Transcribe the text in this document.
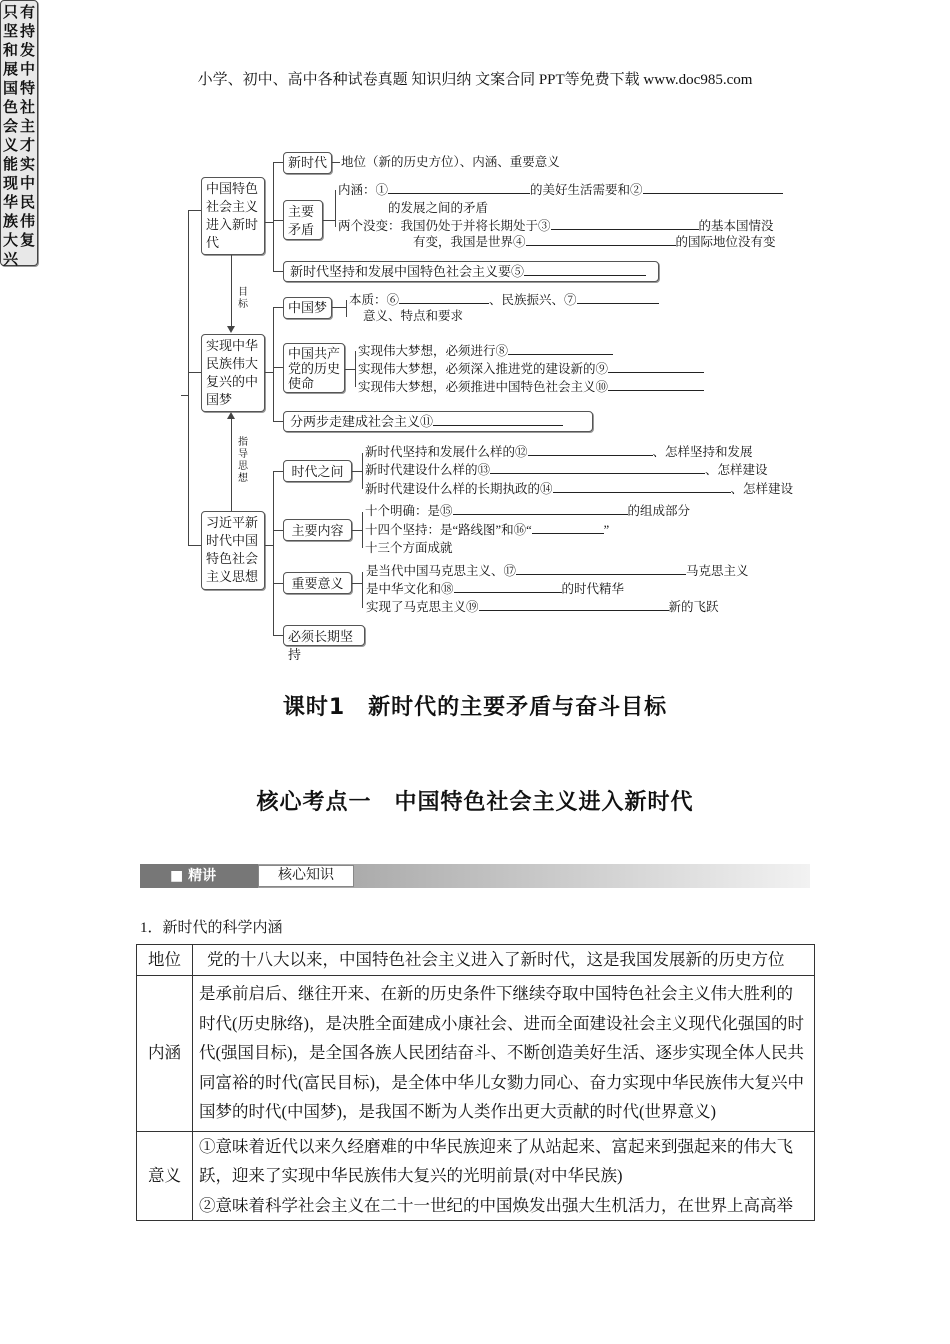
小学、初中、高中各种试卷真题 知识归纳 文案合同 PPT等免费下载 www.doc985.com
只 有
坚 持
和 发
展 中
国 特
色 社
会 主
义 才
能 实
现 中
华 民
族 伟
大 复
兴
中国特色社会主义进入新时代
实现中华民族伟大复兴的中国梦
习近平新时代中国特色社会主义思想
目标
指导思想
新时代	地位（新的历史方位）、内涵、重要意义
主要矛盾
内涵：①	的美好生活需要和②
的发展之间的矛盾
两个没变：我国仍处于并将长期处于③	的基本国情没
有变，我国是世界④	的国际地位没有变
新时代坚持和发展中国特色社会主义要⑤
中国梦	本质：⑥	、民族振兴、⑦
意义、特点和要求
中国共产党的历史使命
实现伟大梦想，必须进行⑧
实现伟大梦想，必须深入推进党的建设新的⑨
实现伟大梦想，必须推进中国特色社会主义⑩
分两步走建成社会主义⑪
时代之问
新时代坚持和发展什么样的⑫	、怎样坚持和发展
新时代建设什么样的⑬	、怎样建设
新时代建设什么样的长期执政的⑭	、怎样建设
主要内容
十个明确：是⑮	的组成部分
十四个坚持：是“路线图”和⑯“	”
十三个方面成就
重要意义
是当代中国马克思主义、⑰	马克思主义
是中华文化和⑱	的时代精华
实现了马克思主义⑲	新的飞跃
必须长期坚持
课时1　新时代的主要矛盾与奋斗目标
核心考点一　中国特色社会主义进入新时代
■ 精讲	核心知识
1．新时代的科学内涵
地位	党的十八大以来，中国特色社会主义进入了新时代，这是我国发展新的历史方位
内涵	是承前启后、继往开来、在新的历史条件下继续夺取中国特色社会主义伟大胜利的时代(历史脉络)，是决胜全面建成小康社会、进而全面建设社会主义现代化强国的时代(强国目标)，是全国各族人民团结奋斗、不断创造美好生活、逐步实现全体人民共同富裕的时代(富民目标)，是全体中华儿女勠力同心、奋力实现中华民族伟大复兴中国梦的时代(中国梦)，是我国不断为人类作出更大贡献的时代(世界意义)
意义	①意味着近代以来久经磨难的中华民族迎来了从站起来、富起来到强起来的伟大飞跃，迎来了实现中华民族伟大复兴的光明前景(对中华民族)
②意味着科学社会主义在二十一世纪的中国焕发出强大生机活力，在世界上高高举
